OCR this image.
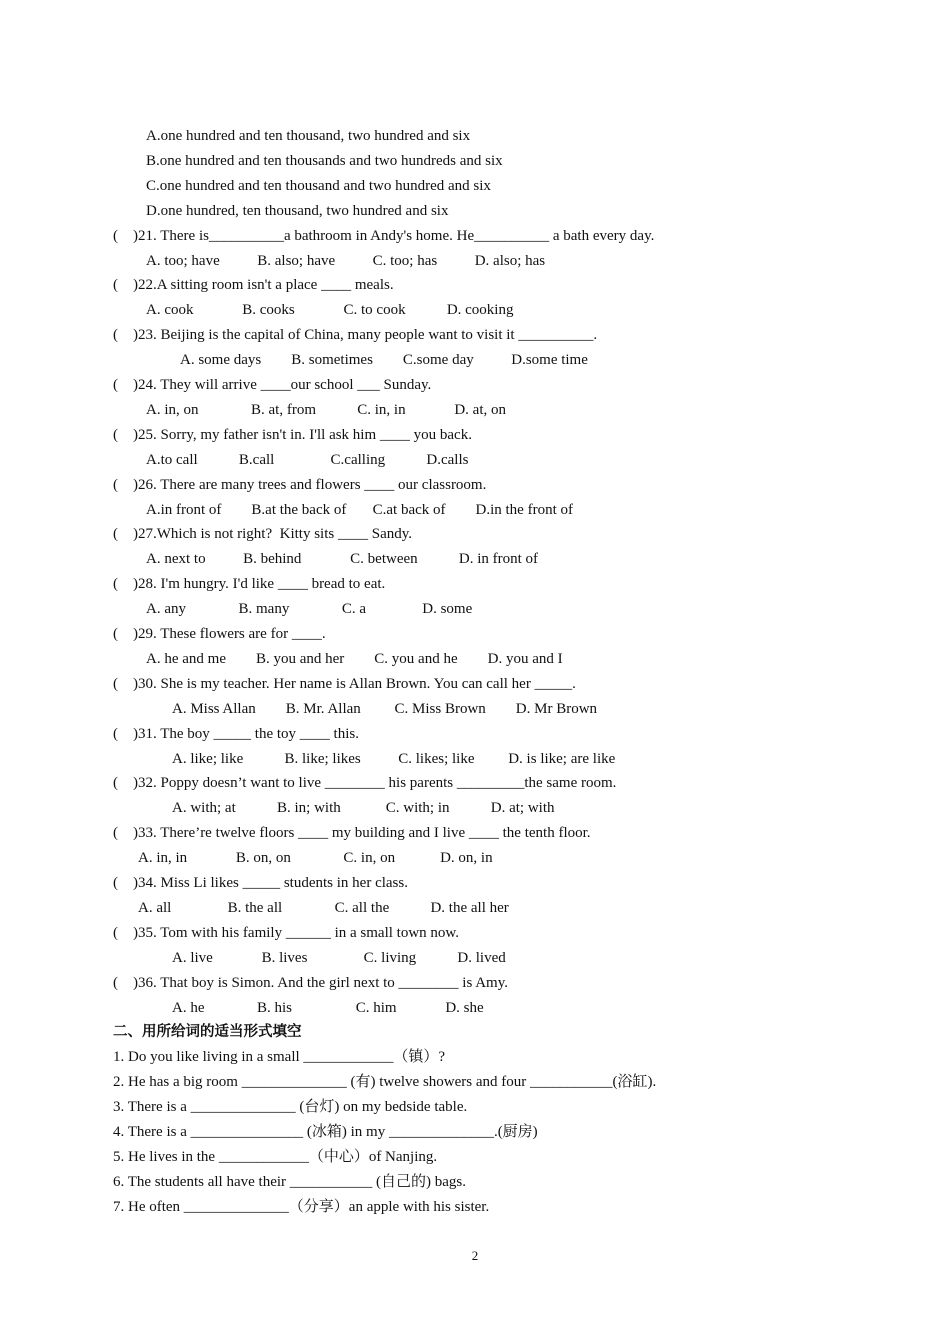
A.one hundred and ten thousand, two hundred and six
B.one hundred and ten thousands and two hundreds and six
C.one hundred and ten thousand and two hundred and six
D.one hundred, ten thousand, two hundred and six
(    )21. There is__________a bathroom in Andy's home. He__________ a bath every day.
A. too; have          B. also; have          C. too; has          D. also; has
(    )22.A sitting room isn't a place ____ meals.
A. cook             B. cooks             C. to cook           D. cooking
(    )23. Beijing is the capital of China, many people want to visit it __________.
A. some days        B. sometimes        C.some day          D.some time
(    )24. They will arrive ____our school ___ Sunday.
A. in, on              B. at, from           C. in, in             D. at, on
(    )25. Sorry, my father isn't in. I'll ask him ____ you back.
A.to call           B.call               C.calling           D.calls
(    )26. There are many trees and flowers ____ our classroom.
A.in front of        B.at the back of       C.at back of        D.in the front of
(    )27.Which is not right?  Kitty sits ____ Sandy.
A. next to          B. behind             C. between           D. in front of
(    )28. I'm hungry. I'd like ____ bread to eat.
A. any              B. many              C. a               D. some
(    )29. These flowers are for ____.
A. he and me        B. you and her        C. you and he        D. you and I
(    )30. She is my teacher. Her name is Allan Brown. You can call her _____.
A. Miss Allan        B. Mr. Allan         C. Miss Brown        D. Mr Brown
(    )31. The boy _____ the toy ____ this.
A. like; like           B. like; likes          C. likes; like         D. is like; are like
(    )32. Poppy doesn’t want to live ________ his parents _________the same room.
A. with; at           B. in; with            C. with; in           D. at; with
(    )33. There’re twelve floors ____ my building and I live ____ the tenth floor.
A. in, in             B. on, on              C. in, on            D. on, in
(    )34. Miss Li likes _____ students in her class.
A. all               B. the all              C. all the           D. the all her
(    )35. Tom with his family ______ in a small town now.
A. live             B. lives               C. living           D. lived
(    )36. That boy is Simon. And the girl next to ________ is Amy.
A. he              B. his                 C. him             D. she
二、用所给词的适当形式填空
1. Do you like living in a small ____________（镇）?
2. He has a big room ______________ (有) twelve showers and four ___________(浴缸).
3. There is a ______________ (台灯) on my bedside table.
4. There is a _______________ (冰箱) in my ______________.(厨房)
5. He lives in the ____________（中心）of Nanjing.
6. The students all have their ___________ (自己的) bags.
7. He often ______________（分享）an apple with his sister.
2
